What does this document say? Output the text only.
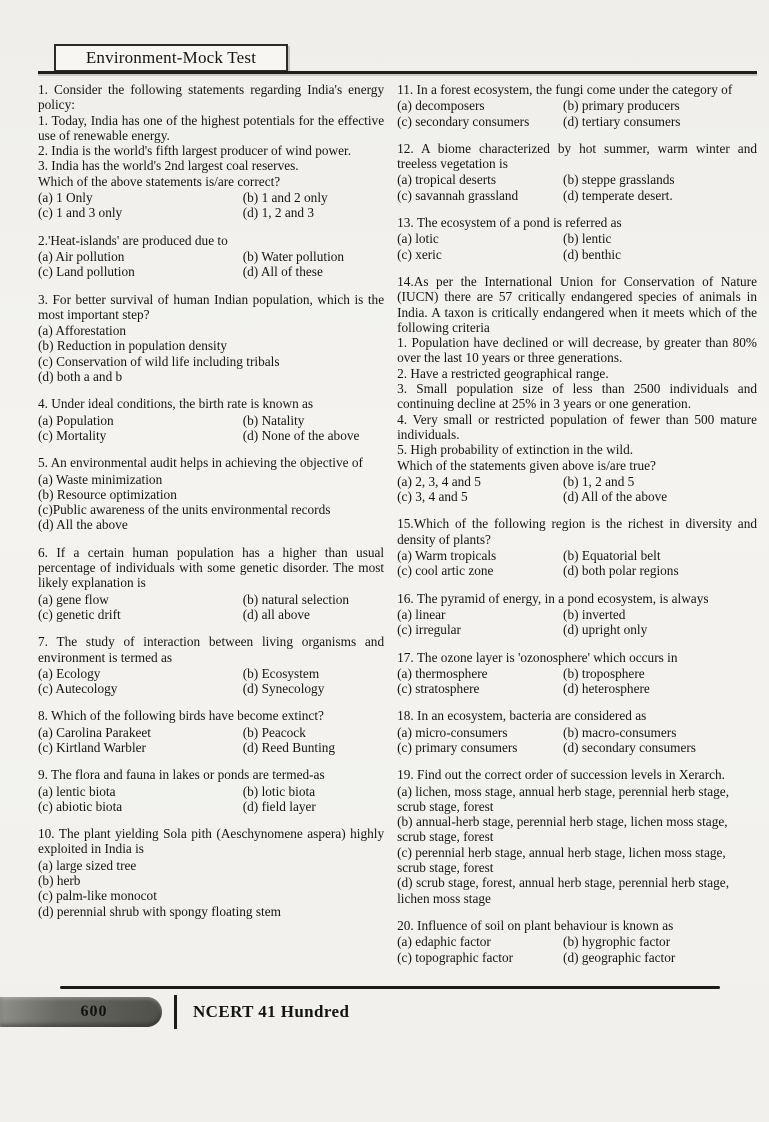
Environment-Mock Test

1. Consider the following statements regarding India's energy policy:

1. Today, India has one of the highest potentials for the effective use of renewable energy.

2. India is the world's fifth largest producer of wind power.

3. India has the world's 2nd largest coal reserves.

Which of the above statements is/are correct?

(a) 1 Only	(b) 1 and 2 only
(c) 1 and 3 only	(d) 1, 2 and 3

2.'Heat-islands' are produced due to

(a) Air pollution	(b) Water pollution
(c) Land pollution	(d) All of these

3. For better survival of human Indian population, which is the most important step?

(a) Afforestation
(b) Reduction in population density
(c) Conservation of wild life including tribals
(d) both a and b

4. Under ideal conditions, the birth rate is known as

(a) Population	(b) Natality
(c) Mortality	(d) None of the above

5. An environmental audit helps in achieving the objective of

(a) Waste minimization
(b) Resource optimization
(c)Public awareness of the units environmental records
(d) All the above

6. If a certain human population has a higher than usual percentage of individuals with some genetic disorder. The most likely explanation is

(a) gene flow	(b) natural selection
(c) genetic drift	(d) all above

7. The study of interaction between living organisms and environment is termed as

(a) Ecology	(b) Ecosystem
(c) Autecology	(d) Synecology

8. Which of the following birds have become extinct?

(a) Carolina Parakeet	(b) Peacock
(c) Kirtland Warbler	(d) Reed Bunting

9. The flora and fauna in lakes or ponds are termed-as

(a) lentic biota	(b) lotic biota
(c) abiotic biota	(d) field layer

10. The plant yielding Sola pith (Aeschynomene aspera) highly exploited in India is

(a) large sized tree
(b) herb
(c) palm-like monocot
(d) perennial shrub with spongy floating stem

11. In a forest ecosystem, the fungi come under the category of

(a) decomposers	(b) primary producers
(c) secondary consumers	(d) tertiary consumers

12. A biome characterized by hot summer, warm winter and treeless vegetation is

(a) tropical deserts	(b) steppe grasslands
(c) savannah grassland	(d) temperate desert.

13. The ecosystem of a pond is referred as

(a) lotic	(b) lentic
(c) xeric	(d) benthic

14.As per the International Union for Conservation of Nature (IUCN) there are 57 critically endangered species of animals in India. A taxon is critically endangered when it meets which of the following criteria

1. Population have declined or will decrease, by greater than 80% over the last 10 years or three generations.

2. Have a restricted geographical range.

3. Small population size of less than 2500 individuals and continuing decline at 25% in 3 years or one generation.

4. Very small or restricted population of fewer than 500 mature individuals.

5. High probability of extinction in the wild.

Which of the statements given above is/are true?

(a) 2, 3, 4 and 5	(b) 1, 2 and 5
(c) 3, 4 and 5	(d) All of the above

15.Which of the following region is the richest in diversity and density of plants?

(a) Warm tropicals	(b) Equatorial belt
(c) cool artic zone	(d) both polar regions

16. The pyramid of energy, in a pond ecosystem, is always

(a) linear	(b) inverted
(c) irregular	(d) upright only

17. The ozone layer is 'ozonosphere' which occurs in

(a) thermosphere	(b) troposphere
(c) stratosphere	(d) heterosphere

18. In an ecosystem, bacteria are considered as

(a) micro-consumers	(b) macro-consumers
(c) primary consumers	(d) secondary consumers

19. Find out the correct order of succession levels in Xerarch.

(a) lichen, moss stage, annual herb stage, perennial herb stage, scrub stage, forest
(b) annual-herb stage, perennial herb stage, lichen moss stage, scrub stage, forest
(c) perennial herb stage, annual herb stage, lichen moss stage, scrub stage, forest
(d) scrub stage, forest, annual herb stage, perennial herb stage, lichen moss stage

20. Influence of soil on plant behaviour is known as

(a) edaphic factor	(b) hygrophic factor
(c) topographic factor	(d) geographic factor
600	NCERT 41 Hundred
